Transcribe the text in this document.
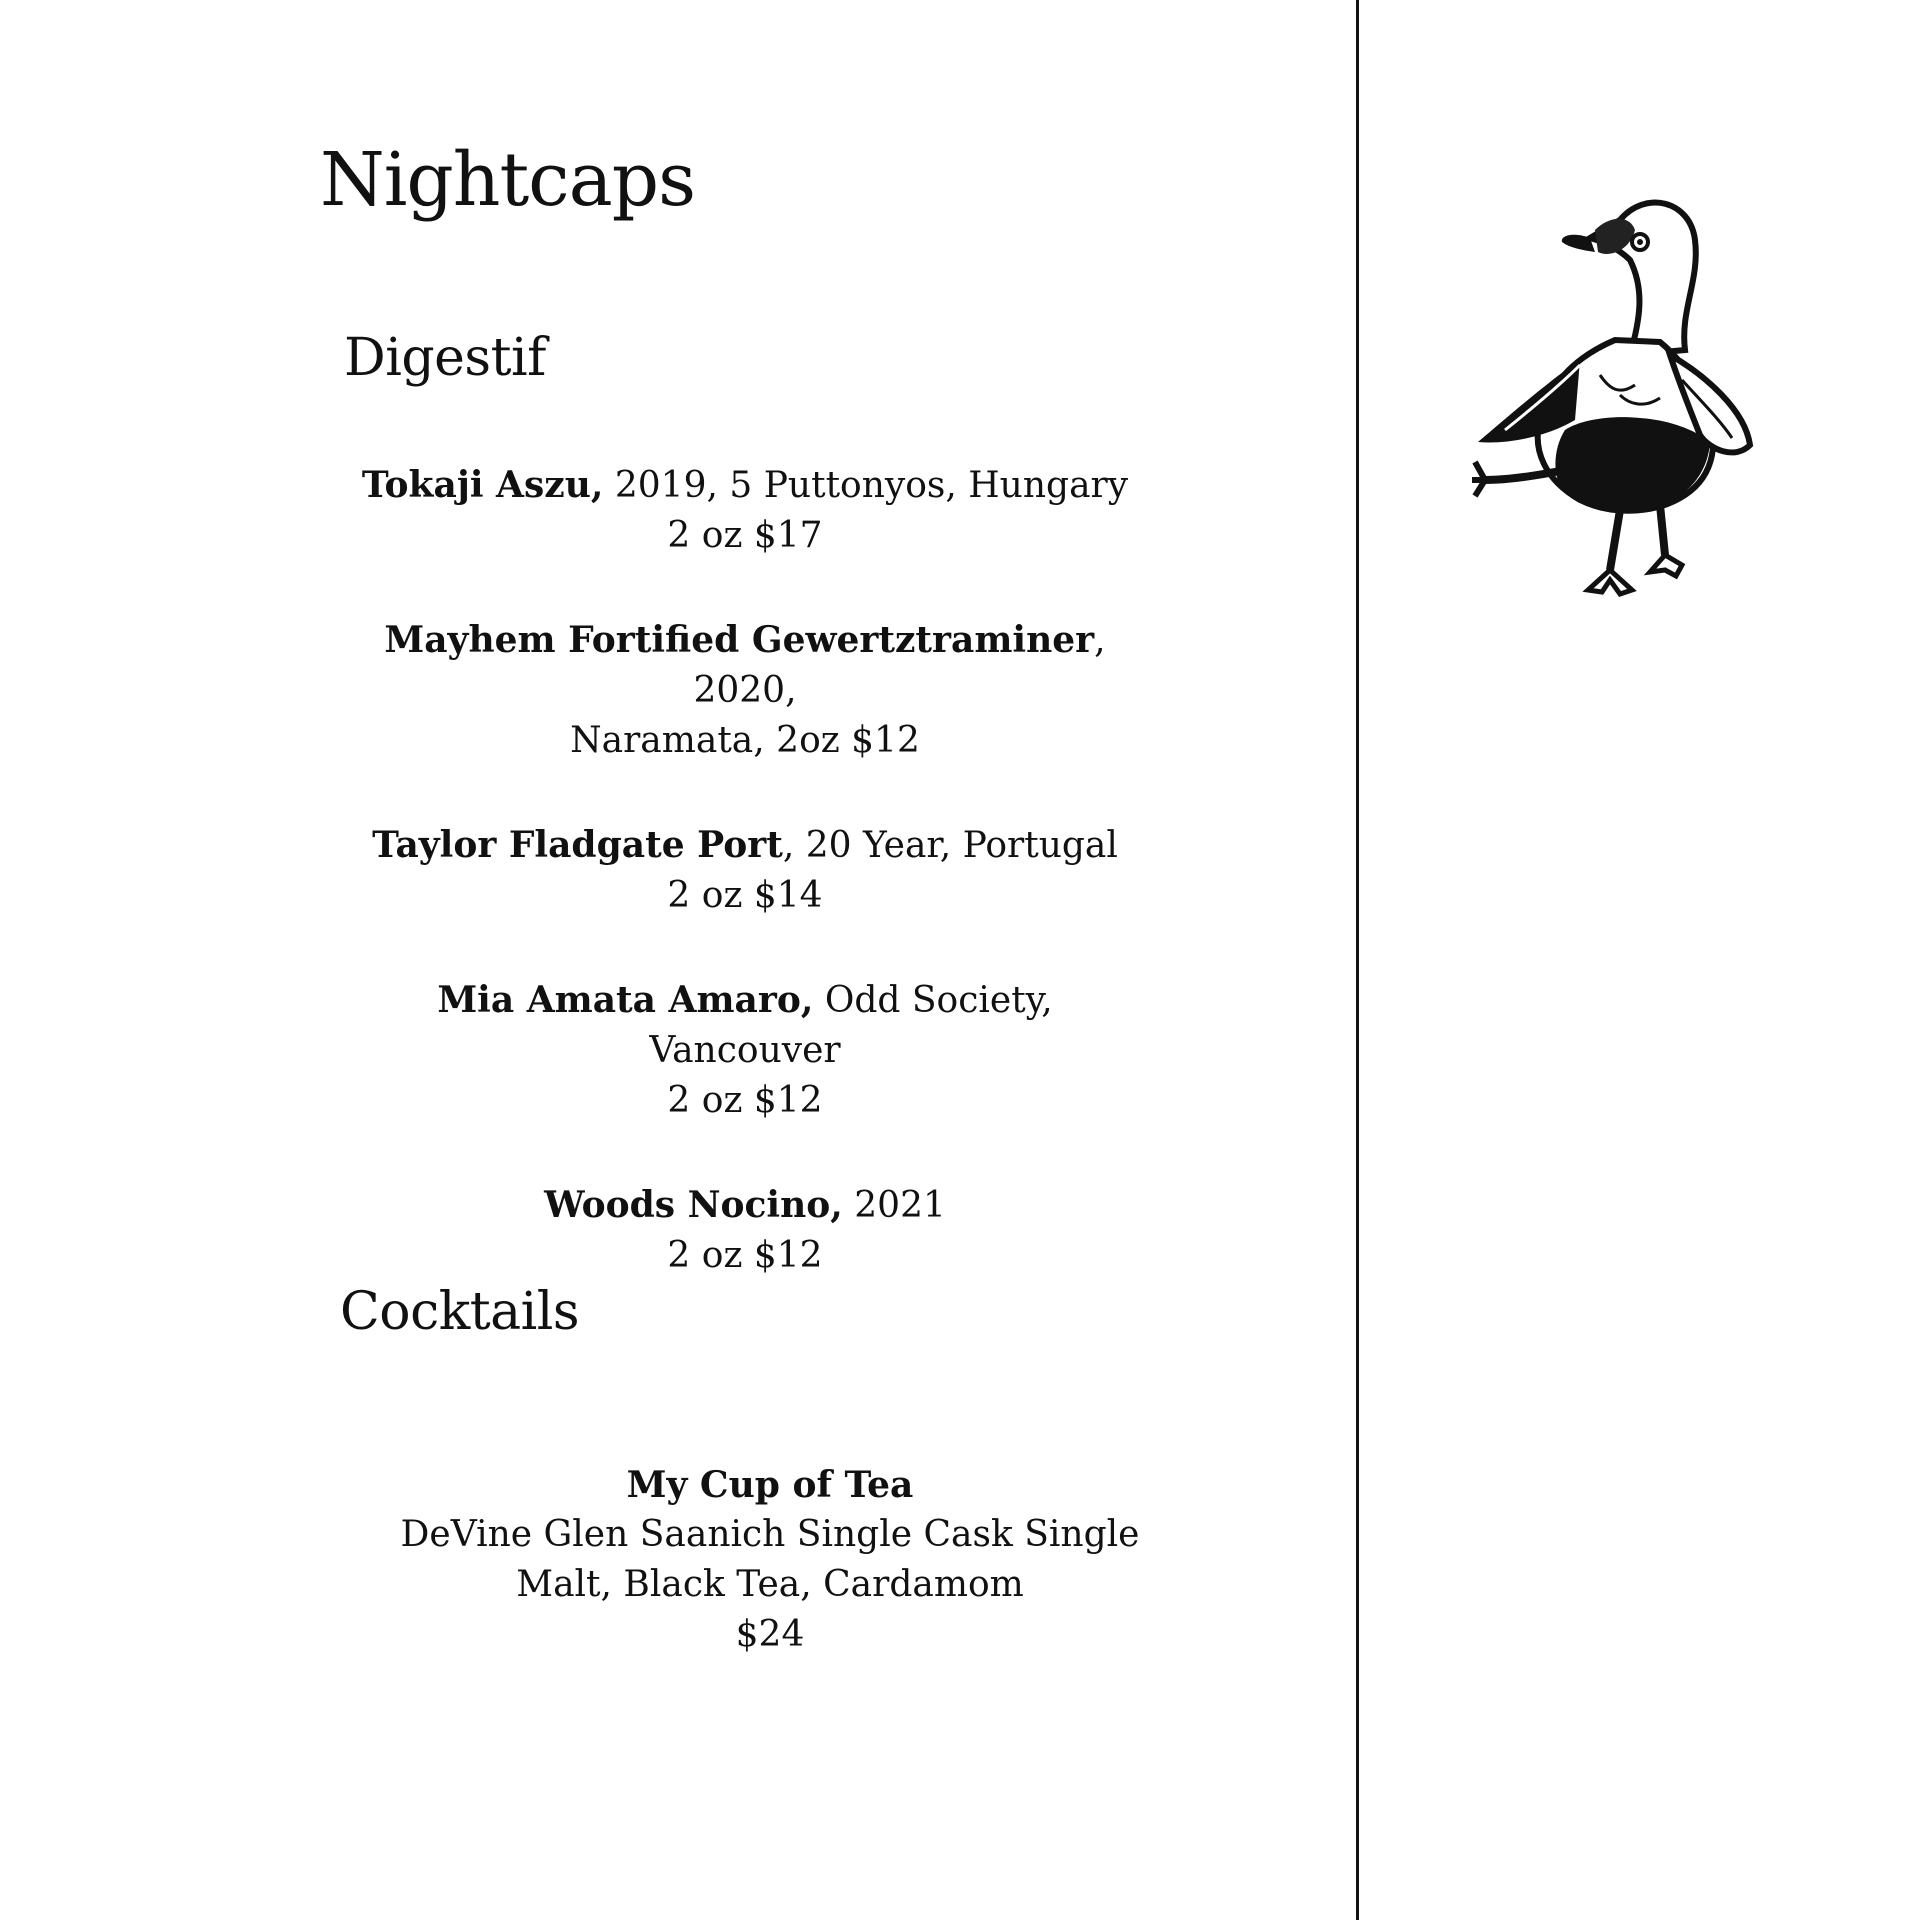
Nightcaps
Digestif
Tokaji Aszu, 2019, 5 Puttonyos, Hungary
2 oz $17
Mayhem Fortified Gewertztraminer, 2020,
Naramata, 2oz $12
Taylor Fladgate Port, 20 Year, Portugal
2 oz $14
Mia Amata Amaro, Odd Society, Vancouver
2 oz $12
Woods Nocino, 2021
2 oz $12
Cocktails
My Cup of Tea
DeVine Glen Saanich Single Cask Single Malt, Black Tea, Cardamom
$24
